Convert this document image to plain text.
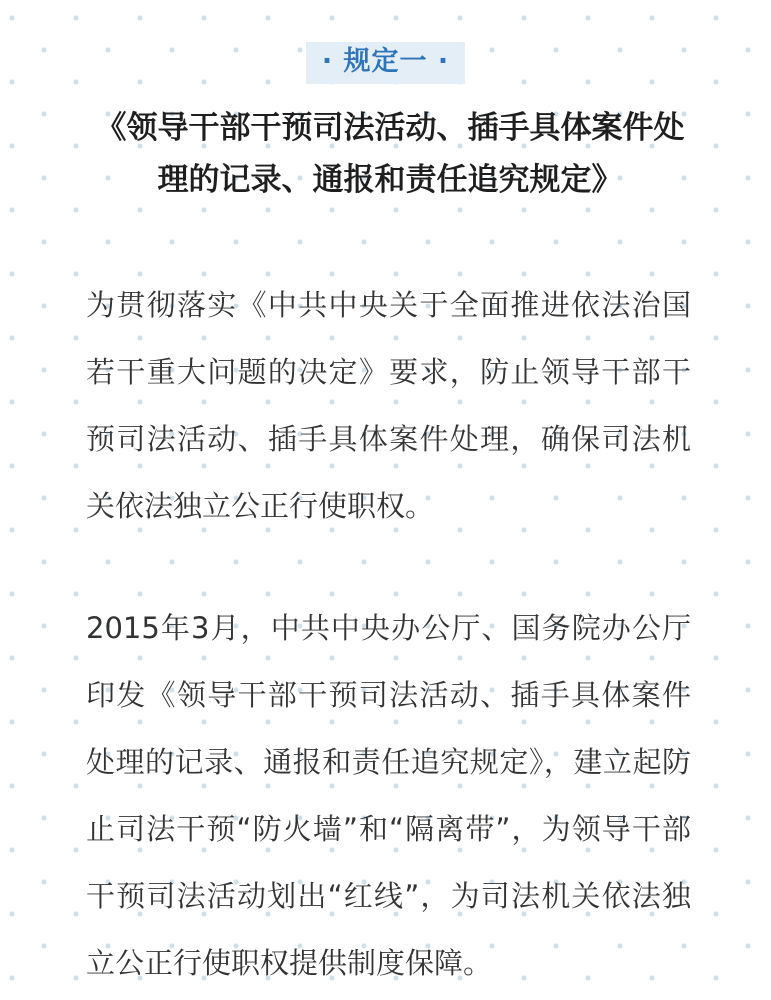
· 规定一 ·
《领导干部干预司法活动、插手具体案件处理的记录、通报和责任追究规定》

为贯彻落实《中共中央关于全面推进依法治国若干重大问题的决定》要求，防止领导干部干预司法活动、插手具体案件处理，确保司法机关依法独立公正行使职权。

2015年3月，中共中央办公厅、国务院办公厅印发《领导干部干预司法活动、插手具体案件处理的记录、通报和责任追究规定》，建立起防止司法干预“防火墙”和“隔离带”，为领导干部干预司法活动划出“红线”，为司法机关依法独立公正行使职权提供制度保障。
